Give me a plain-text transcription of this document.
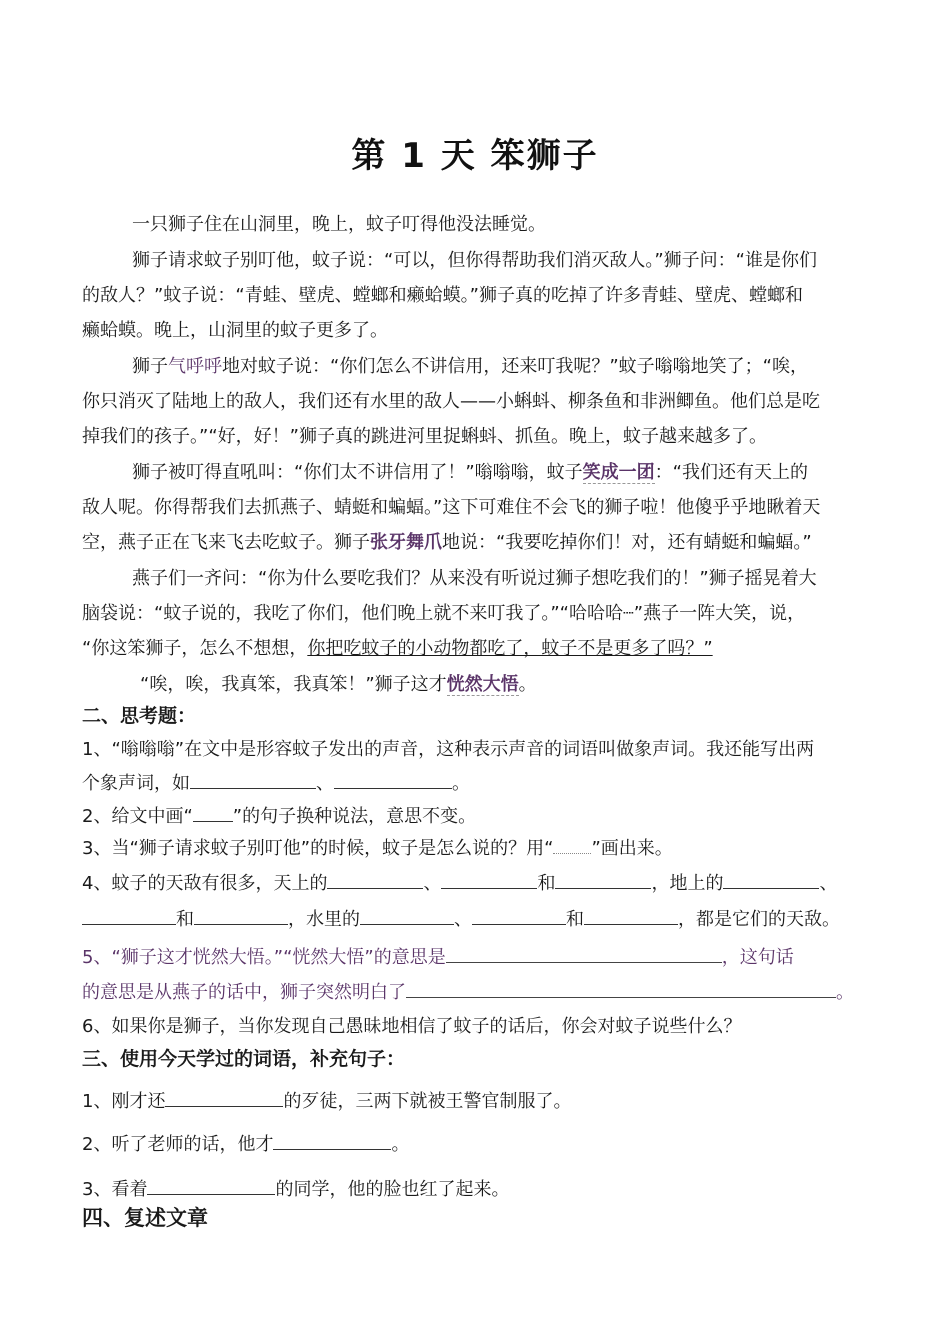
第 1 天 笨狮子
一只狮子住在山洞里，晚上，蚊子叮得他没法睡觉。
狮子请求蚊子别叮他，蚊子说：“可以，但你得帮助我们消灭敌人。”狮子问：“谁是你们
的敌人？”蚊子说：“青蛙、壁虎、螳螂和癞蛤蟆。”狮子真的吃掉了许多青蛙、壁虎、螳螂和
癞蛤蟆。晚上，山洞里的蚊子更多了。
狮子气呼呼地对蚊子说：“你们怎么不讲信用，还来叮我呢？”蚊子嗡嗡地笑了；“唉，
你只消灭了陆地上的敌人，我们还有水里的敌人——小蝌蚪、柳条鱼和非洲鲫鱼。他们总是吃
掉我们的孩子。”“好，好！”狮子真的跳进河里捉蝌蚪、抓鱼。晚上，蚊子越来越多了。
狮子被叮得直吼叫：“你们太不讲信用了！”嗡嗡嗡，蚊子笑成一团：“我们还有天上的
敌人呢。你得帮我们去抓燕子、蜻蜓和蝙蝠。”这下可难住不会飞的狮子啦！他傻乎乎地瞅着天
空，燕子正在飞来飞去吃蚊子。狮子张牙舞爪地说：“我要吃掉你们！对，还有蜻蜓和蝙蝠。”
燕子们一齐问：“你为什么要吃我们？从来没有听说过狮子想吃我们的！”狮子摇晃着大
脑袋说：“蚊子说的，我吃了你们，他们晚上就不来叮我了。”“哈哈哈┈”燕子一阵大笑，说，
“你这笨狮子，怎么不想想，你把吃蚊子的小动物都吃了，蚊子不是更多了吗？”
“唉，唉，我真笨，我真笨！”狮子这才恍然大悟。
二、思考题：
1、“嗡嗡嗡”在文中是形容蚊子发出的声音，这种表示声音的词语叫做象声词。我还能写出两
个象声词，如	、	。
2、给文中画“ ”的句子换种说法，意思不变。
3、当“狮子请求蚊子别叮他”的时候，蚊子是怎么说的？用“ ”画出来。
4、蚊子的天敌有很多，天上的	、	和	，地上的	、
和	，水里的	、	和	，都是它们的天敌。
5、“狮子这才恍然大悟。”“恍然大悟”的意思是	，这句话
的意思是从燕子的话中，狮子突然明白了	。
6、如果你是狮子，当你发现自己愚昧地相信了蚊子的话后，你会对蚊子说些什么？
三、使用今天学过的词语，补充句子：
1、刚才还	的歹徒，三两下就被王警官制服了。
2、听了老师的话，他才	。
3、看着	的同学，他的脸也红了起来。
四、复述文章
